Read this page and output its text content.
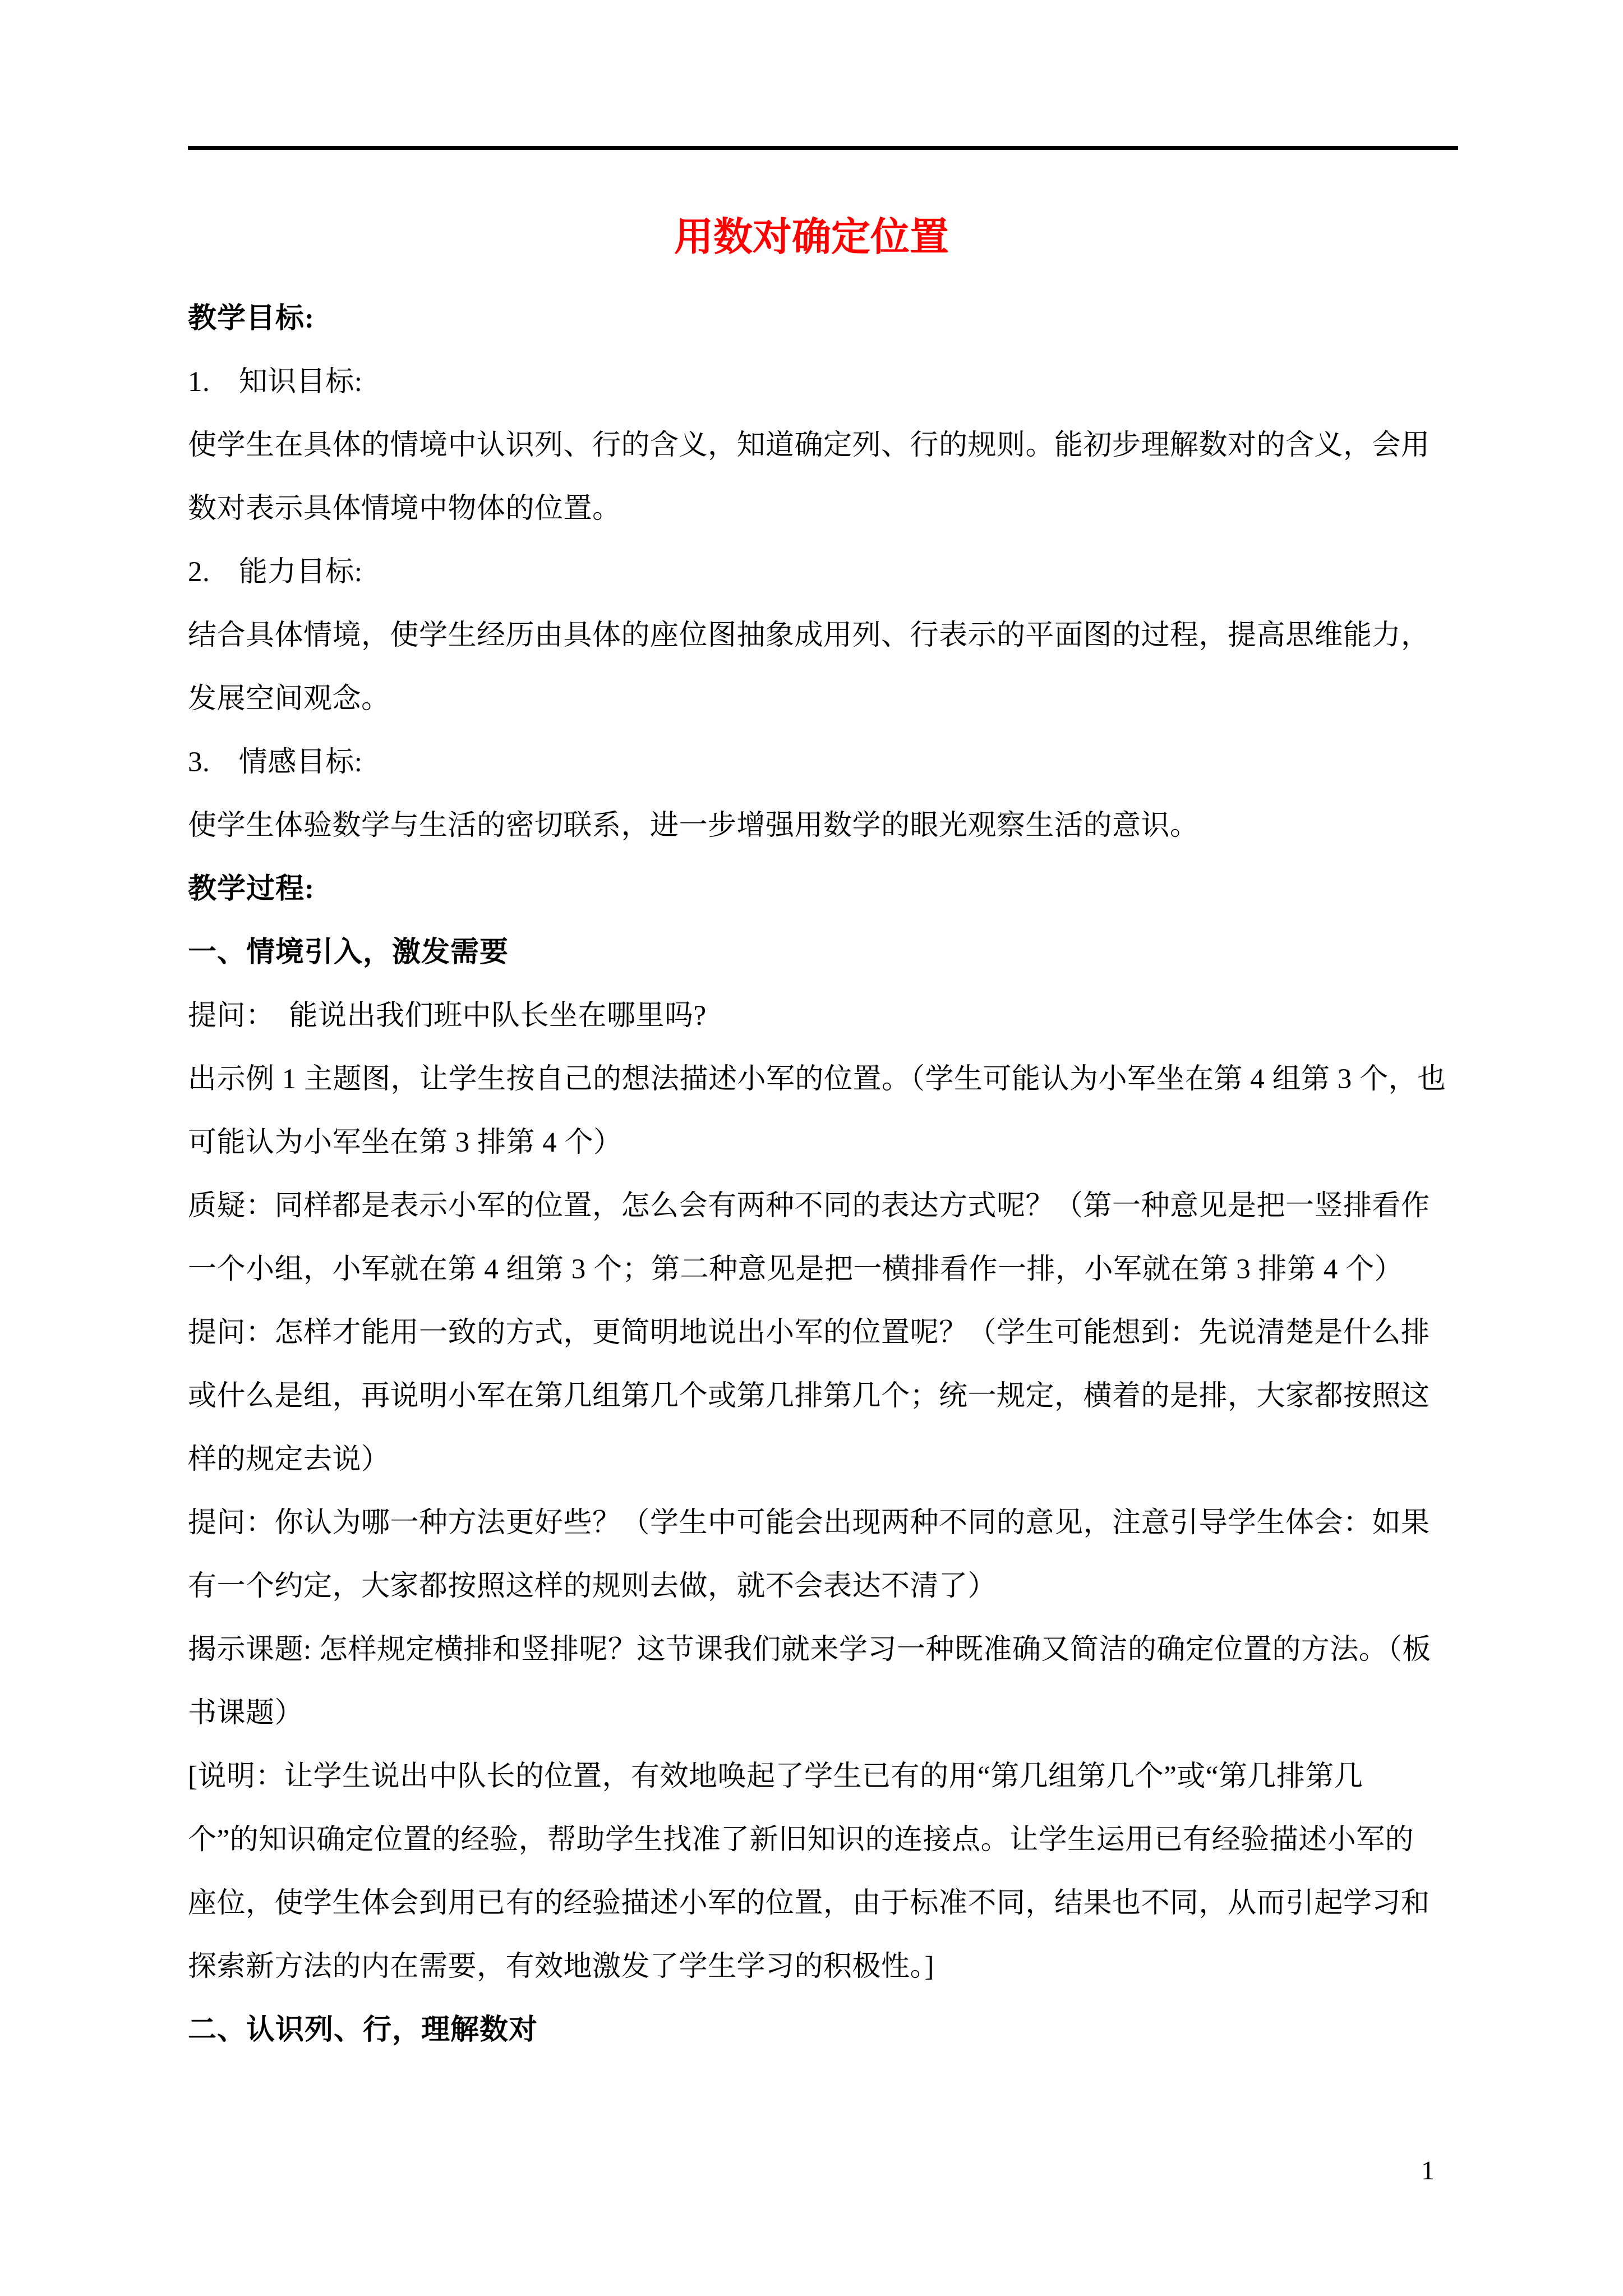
用数对确定位置
教学目标:
1.　知识目标:
使学生在具体的情境中认识列、行的含义，知道确定列、行的规则。能初步理解数对的含义，会用
数对表示具体情境中物体的位置。
2.　能力目标:
结合具体情境，使学生经历由具体的座位图抽象成用列、行表示的平面图的过程，提高思维能力，
发展空间观念。
3.　情感目标:
使学生体验数学与生活的密切联系，进一步增强用数学的眼光观察生活的意识。
教学过程:
一、情境引入，激发需要
提问：　能说出我们班中队长坐在哪里吗?
出示例 1 主题图，让学生按自己的想法描述小军的位置。（学生可能认为小军坐在第 4 组第 3 个，也
可能认为小军坐在第 3 排第 4 个）
质疑：同样都是表示小军的位置，怎么会有两种不同的表达方式呢？（第一种意见是把一竖排看作
一个小组，小军就在第 4 组第 3 个；第二种意见是把一横排看作一排，小军就在第 3 排第 4 个）
提问：怎样才能用一致的方式，更简明地说出小军的位置呢？（学生可能想到：先说清楚是什么排
或什么是组，再说明小军在第几组第几个或第几排第几个；统一规定，横着的是排，大家都按照这
样的规定去说）
提问：你认为哪一种方法更好些？（学生中可能会出现两种不同的意见，注意引导学生体会：如果
有一个约定，大家都按照这样的规则去做，就不会表达不清了）
揭示课题: 怎样规定横排和竖排呢？这节课我们就来学习一种既准确又简洁的确定位置的方法。（板
书课题）
[说明：让学生说出中队长的位置，有效地唤起了学生已有的用“第几组第几个”或“第几排第几
个”的知识确定位置的经验，帮助学生找准了新旧知识的连接点。让学生运用已有经验描述小军的
座位，使学生体会到用已有的经验描述小军的位置，由于标准不同，结果也不同，从而引起学习和
探索新方法的内在需要，有效地激发了学生学习的积极性。]
二、认识列、行，理解数对
1
